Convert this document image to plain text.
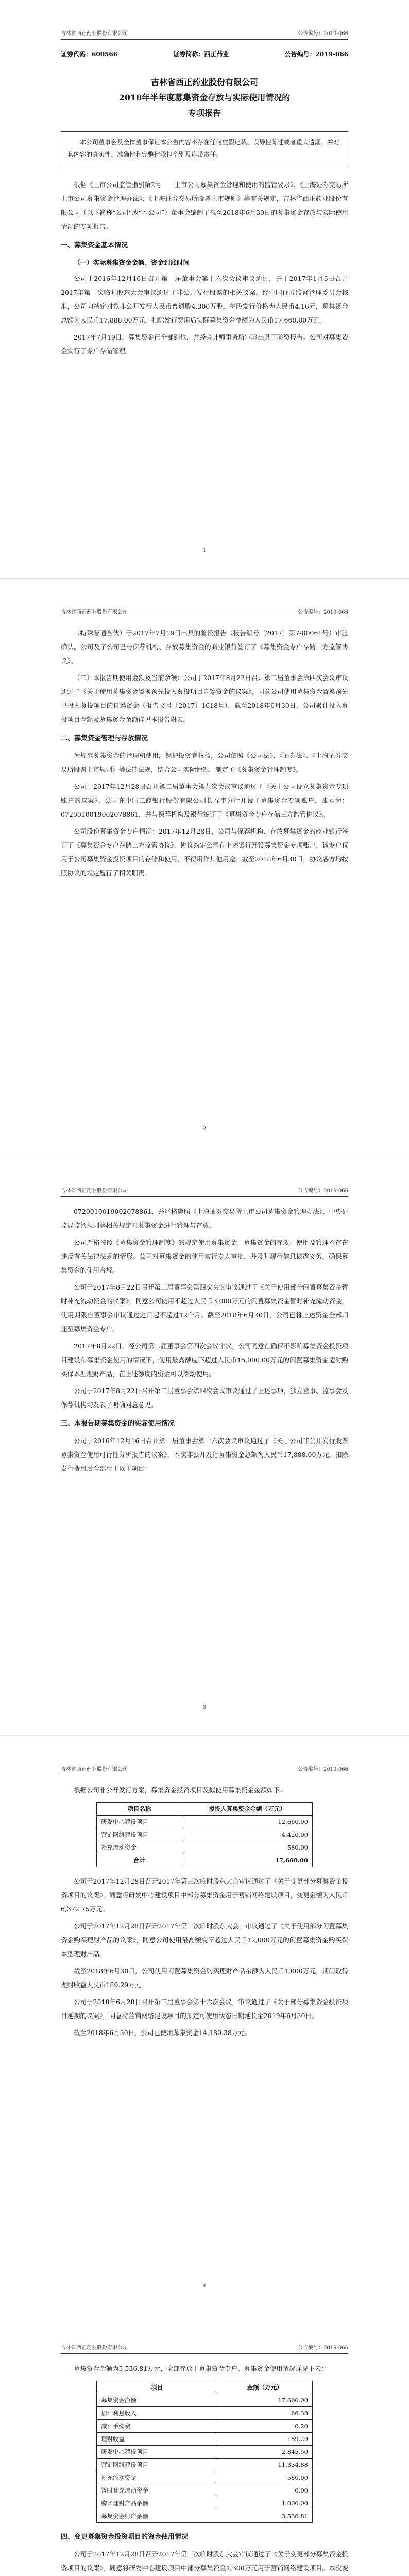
吉林省西正药业股份有限公司	公告编号：2019-066
证券代码：600566	证券简称：西正药业	公告编号：2019-066
吉林省西正药业股份有限公司
2018年半年度募集资金存放与实际使用情况的
专项报告
本公司董事会及全体董事保证本公告内容不存在任何虚假记载、误导性陈述或者重大遗漏，并对其内容的真实性、准确性和完整性承担个别及连带责任。

根据《上市公司监管指引第2号——上市公司募集资金管理和使用的监管要求》、《上海证券交易所上市公司募集资金管理办法》、《上海证券交易所股票上市规则》等有关规定，吉林省西正药业股份有限公司（以下简称“公司”或“本公司”）董事会编制了截至2018年6月30日的募集资金存放与实际使用情况的专项报告。

一、募集资金基本情况
（一）实际募集资金金额、资金到账时间

公司于2016年12月16日召开第一届董事会第十六次会议审议通过，并于2017年1月3日召开2017年第一次临时股东大会审议通过了非公开发行股票的相关议案。经中国证券监督管理委员会核准，公司向特定对象非公开发行人民币普通股4,300万股，每股发行价格为人民币4.16元，募集资金总额为人民币17,888.00万元，扣除发行费用后实际募集资金净额为人民币17,660.00万元。

2017年7月19日，募集资金已全部到位，并经会计师事务所审验出具了验资报告。公司对募集资金实行了专户存储管理。

1
吉林省西正药业股份有限公司	公告编号：2019-066

（特殊普通合伙）于2017年7月19日出具的验资报告（报告编号〔2017〕第7-00061号）审验确认。公司及子公司已与保荐机构、存放募集资金的商业银行签订了《募集资金专户存储三方监管协议》。

（二）本报告期使用金额及当前余额：公司于2017年8月22日召开第二届董事会第四次会议审议通过了《关于使用募集资金置换预先投入募投项目自筹资金的议案》，同意公司使用募集资金置换预先已投入募投项目的自筹资金（报告文号〔2017〕1618号），截至2018年6月30日，公司累计投入募投项目金额及募集资金余额详见本报告附表。

二、募集资金管理与存放情况

为规范募集资金的管理和使用，保护投资者权益，公司依照《公司法》、《证券法》、《上海证券交易所股票上市规则》等法律法规，结合公司实际情况，制定了《募集资金管理制度》。

公司于2017年12月28日召开第二届董事会第九次会议审议通过了《关于公司设立募集资金专项账户的议案》，公司在中国工商银行股份有限公司长春市分行开设了募集资金专项账户，账号为：0720010019002078861，并与保荐机构及银行签订了《募集资金专户存储三方监管协议》。

公司股份募集资金专户情况：2017年12月28日，公司与保荐机构、存放募集资金的商业银行签订了《募集资金专户存储三方监管协议》，协议约定公司在上述银行开设募集资金专项账户，该专户仅用于公司募集资金投资项目的存储和使用，不得用作其他用途。截至2018年6月30日，协议各方均按照协议的规定履行了相关职责。

2
吉林省西正药业股份有限公司	公告编号：2019-066

0720010019002078861，并严格遵照《上海证券交易所上市公司募集资金管理办法》、中央证监局监管规则等相关规定对募集资金进行管理与存放。

公司严格按照《募集资金管理制度》的规定使用募集资金，募集资金的存放、使用及管理不存在违反有关法律法规的情形。公司对募集资金的使用实行专人审批，并及时履行信息披露义务，确保募集资金的使用合规。

公司于2017年8月22日召开第二届董事会第四次会议审议通过了《关于使用部分闲置募集资金暂时补充流动资金的议案》，同意公司使用不超过人民币3,000万元的闲置募集资金暂时补充流动资金，使用期限自董事会审议通过之日起不超过12个月。截至2018年6月30日，公司已将上述资金全部归还至募集资金专户。

2017年8月22日，经公司第二届董事会第四次会议审议，公司同意在确保不影响募集资金投资项目建设和募集资金使用的情况下，使用最高额度不超过人民币15,000.00万元的闲置募集资金适时购买保本型理财产品，在上述额度内资金可以滚动使用。

公司于2017年8月22日召开第二届董事会第四次会议审议通过了上述事项，独立董事、监事会及保荐机构均发表了明确同意意见。

三、本报告期募集资金的实际使用情况

公司于2016年12月16日召开第一届董事会第十六次会议审议通过了《关于公司非公开发行股票募集资金使用可行性分析报告的议案》，本次非公开发行募集资金总额为人民币17,888.00万元，扣除发行费用后全部用于以下项目：

3
吉林省西正药业股份有限公司	公告编号：2019-066

根据公司非公开发行方案，募集资金投资项目及拟使用募集资金金额如下：

项目名称	拟投入募集资金金额（万元）
研发中心建设项目	12,660.00
营销网络建设项目	4,420.00
补充流动资金	580.00
合计	17,660.00

公司于2017年12月28日召开2017年第三次临时股东大会审议通过了《关于变更部分募集资金投资项目的议案》，同意将研发中心建设项目中部分募集资金用于营销网络建设项目，变更金额为人民币6,372.75万元。

公司于2017年12月28日召开2017年第三次临时股东大会，审议通过了《关于使用部分闲置募集资金购买理财产品的议案》，同意公司使用最高额度不超过人民币12,000万元的闲置募集资金购买保本型理财产品。

截至2018年6月30日，公司使用闲置募集资金购买理财产品余额为人民币1,000万元，期间取得理财收益人民币189.29万元。

公司于2018年6月28日召开第二届董事会第十六次会议，审议通过了《关于部分募集资金投资项目延期的议案》，同意将营销网络建设项目的预定可使用状态日期延长至2019年6月30日。

截至2018年6月30日，公司已使用募集资金14,180.38万元。

4
吉林省西正药业股份有限公司	公告编号：2019-066

募集资金余额为3,536.81万元，全部存放于募集资金专户。募集资金使用情况详见下表：

项目	金额（万元）
募集资金净额	17,660.00
加：利息收入	66.38
减：手续费	0.20
理财收益	189.29
研发中心建设项目	2,845.50
营销网络建设项目	11,334.88
补充流动资金	580.00
暂时补充流动资金	0.00
购买理财产品余额	1,000.00
募集资金账户余额	3,536.81
四、变更募集资金投资项目的资金使用情况

公司于2017年12月28日召开2017年第三次临时股东大会审议通过了《关于变更部分募集资金投资项目的议案》，同意将研发中心建设项目中部分募集资金1,300万元用于营销网络建设项目。本次变
